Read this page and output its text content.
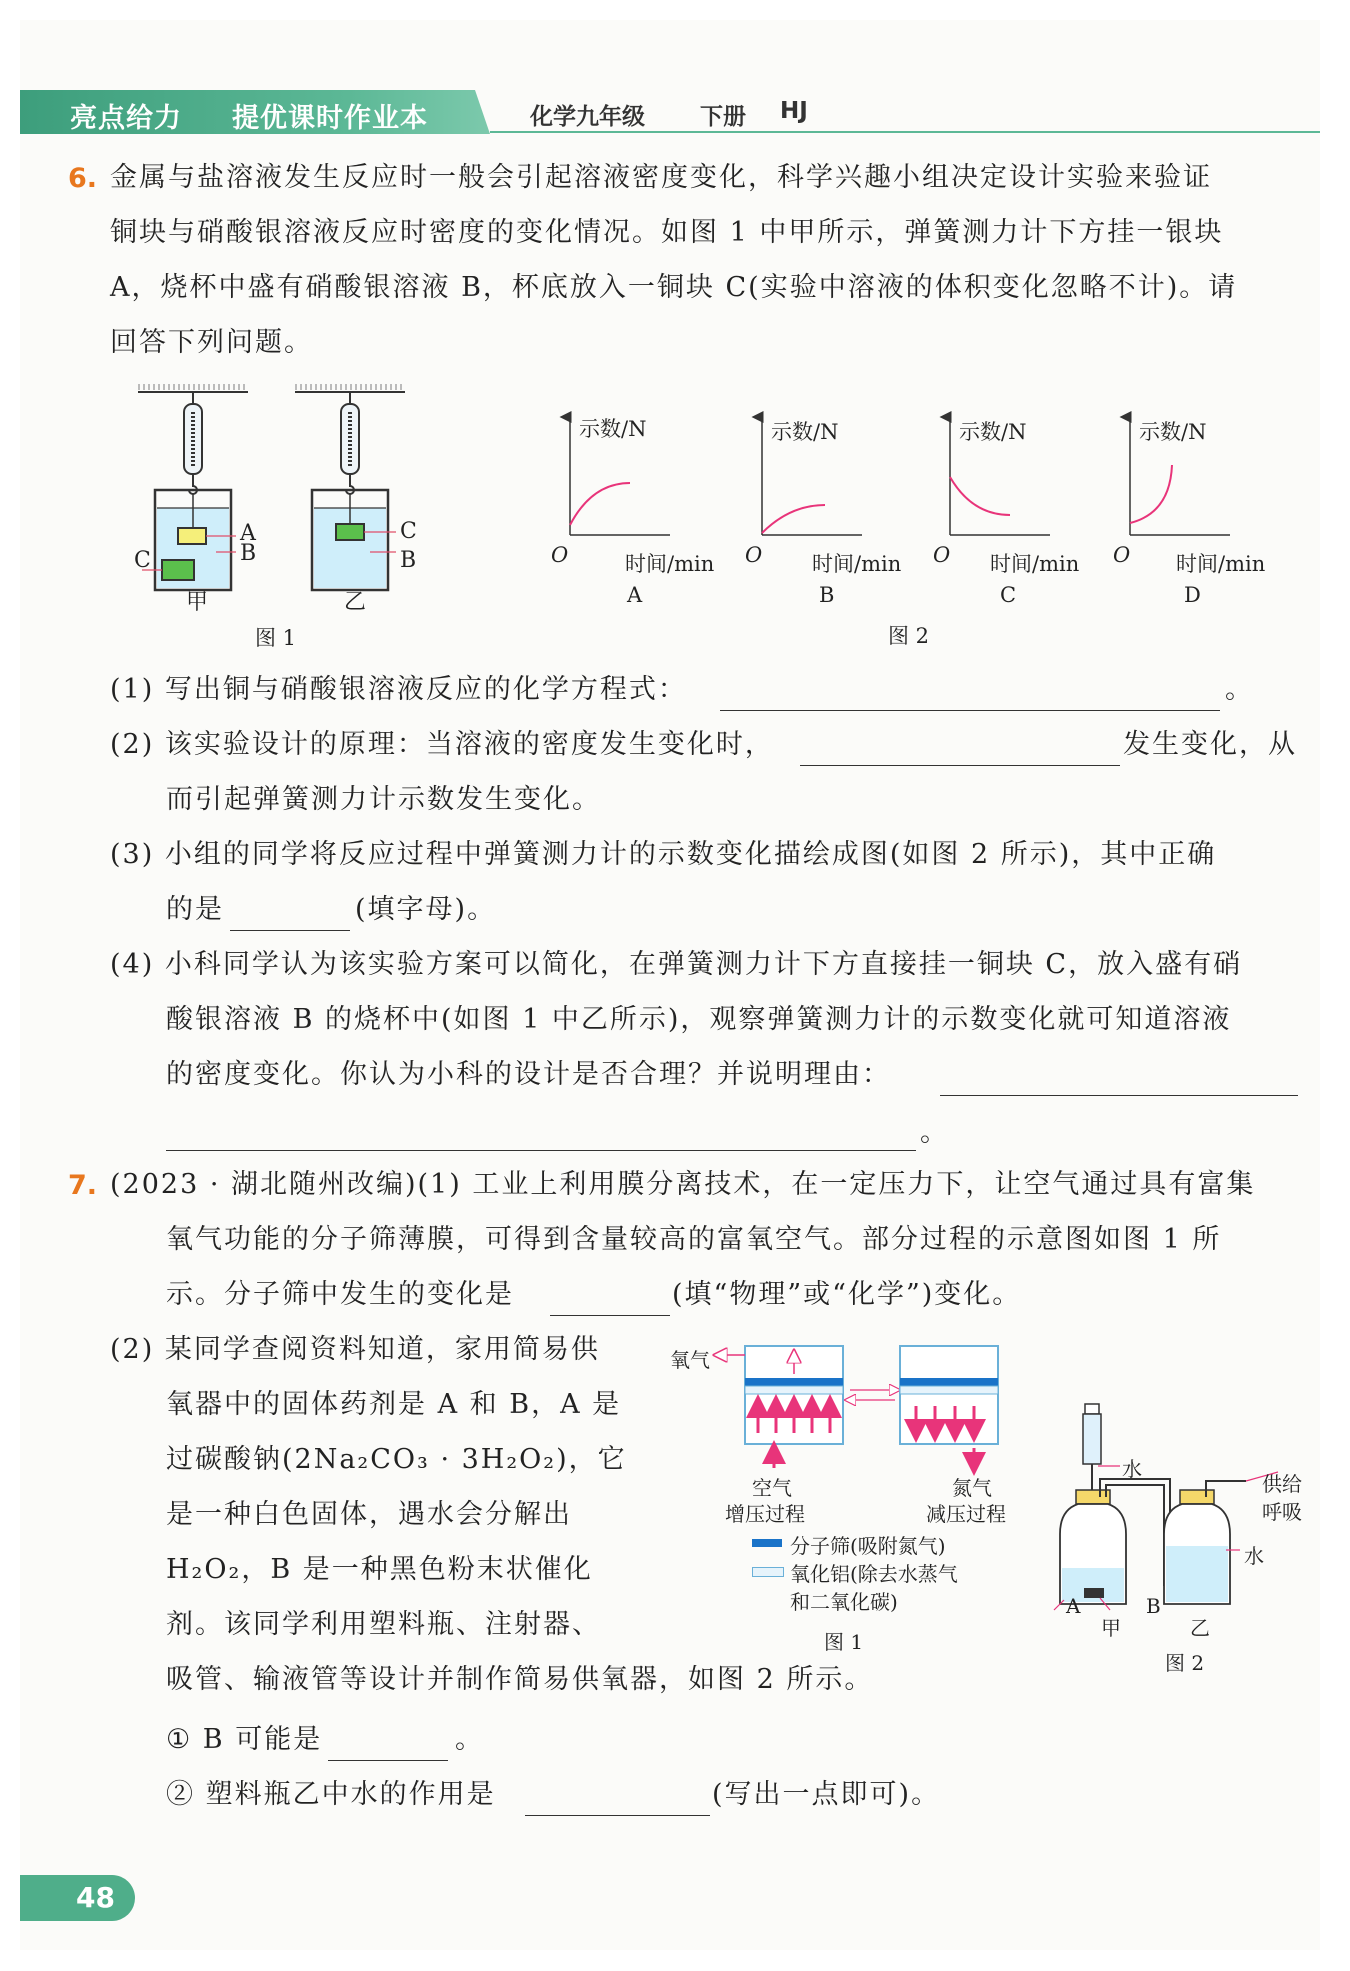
亮点给力 提优课时作业本	化学九年级 下册 HJ
6. 金属与盐溶液发生反应时一般会引起溶液密度变化，科学兴趣小组决定设计实验来验证
铜块与硝酸银溶液反应时密度的变化情况。如图 1 中甲所示，弹簧测力计下方挂一银块
A，烧杯中盛有硝酸银溶液 B，杯底放入一铜块 C(实验中溶液的体积变化忽略不计)。请
回答下列问题。
A
B
C
C
B
甲	乙
图 1
示数/N	示数/N	示数/N	示数/N
O	O	O	O
时间/min	时间/min	时间/min	时间/min
A	B	C	D
图 2
(1) 写出铜与硝酸银溶液反应的化学方程式：	。
(2) 该实验设计的原理：当溶液的密度发生变化时，	发生变化，从
而引起弹簧测力计示数发生变化。
(3) 小组的同学将反应过程中弹簧测力计的示数变化描绘成图(如图 2 所示)，其中正确
的是	(填字母)。
(4) 小科同学认为该实验方案可以简化，在弹簧测力计下方直接挂一铜块 C，放入盛有硝
酸银溶液 B 的烧杯中(如图 1 中乙所示)，观察弹簧测力计的示数变化就可知道溶液
的密度变化。你认为小科的设计是否合理？并说明理由：
。
7. (2023 · 湖北随州改编)(1) 工业上利用膜分离技术，在一定压力下，让空气通过具有富集
氧气功能的分子筛薄膜，可得到含量较高的富氧空气。部分过程的示意图如图 1 所
示。分子筛中发生的变化是	(填“物理”或“化学”)变化。
(2) 某同学查阅资料知道，家用简易供
氧器中的固体药剂是 A 和 B，A 是
过碳酸钠(2Na₂CO₃ · 3H₂O₂)，它
是一种白色固体，遇水会分解出
H₂O₂，B 是一种黑色粉末状催化
剂。该同学利用塑料瓶、注射器、
吸管、输液管等设计并制作简易供氧器，如图 2 所示。
① B 可能是	。
② 塑料瓶乙中水的作用是	(写出一点即可)。
氧气
空气
增压过程
氮气
减压过程
分子筛(吸附氮气)
氧化铝(除去水蒸气
和二氧化碳)
图 1
水
供给
呼吸
水
A	B
甲	乙
图 2
48
